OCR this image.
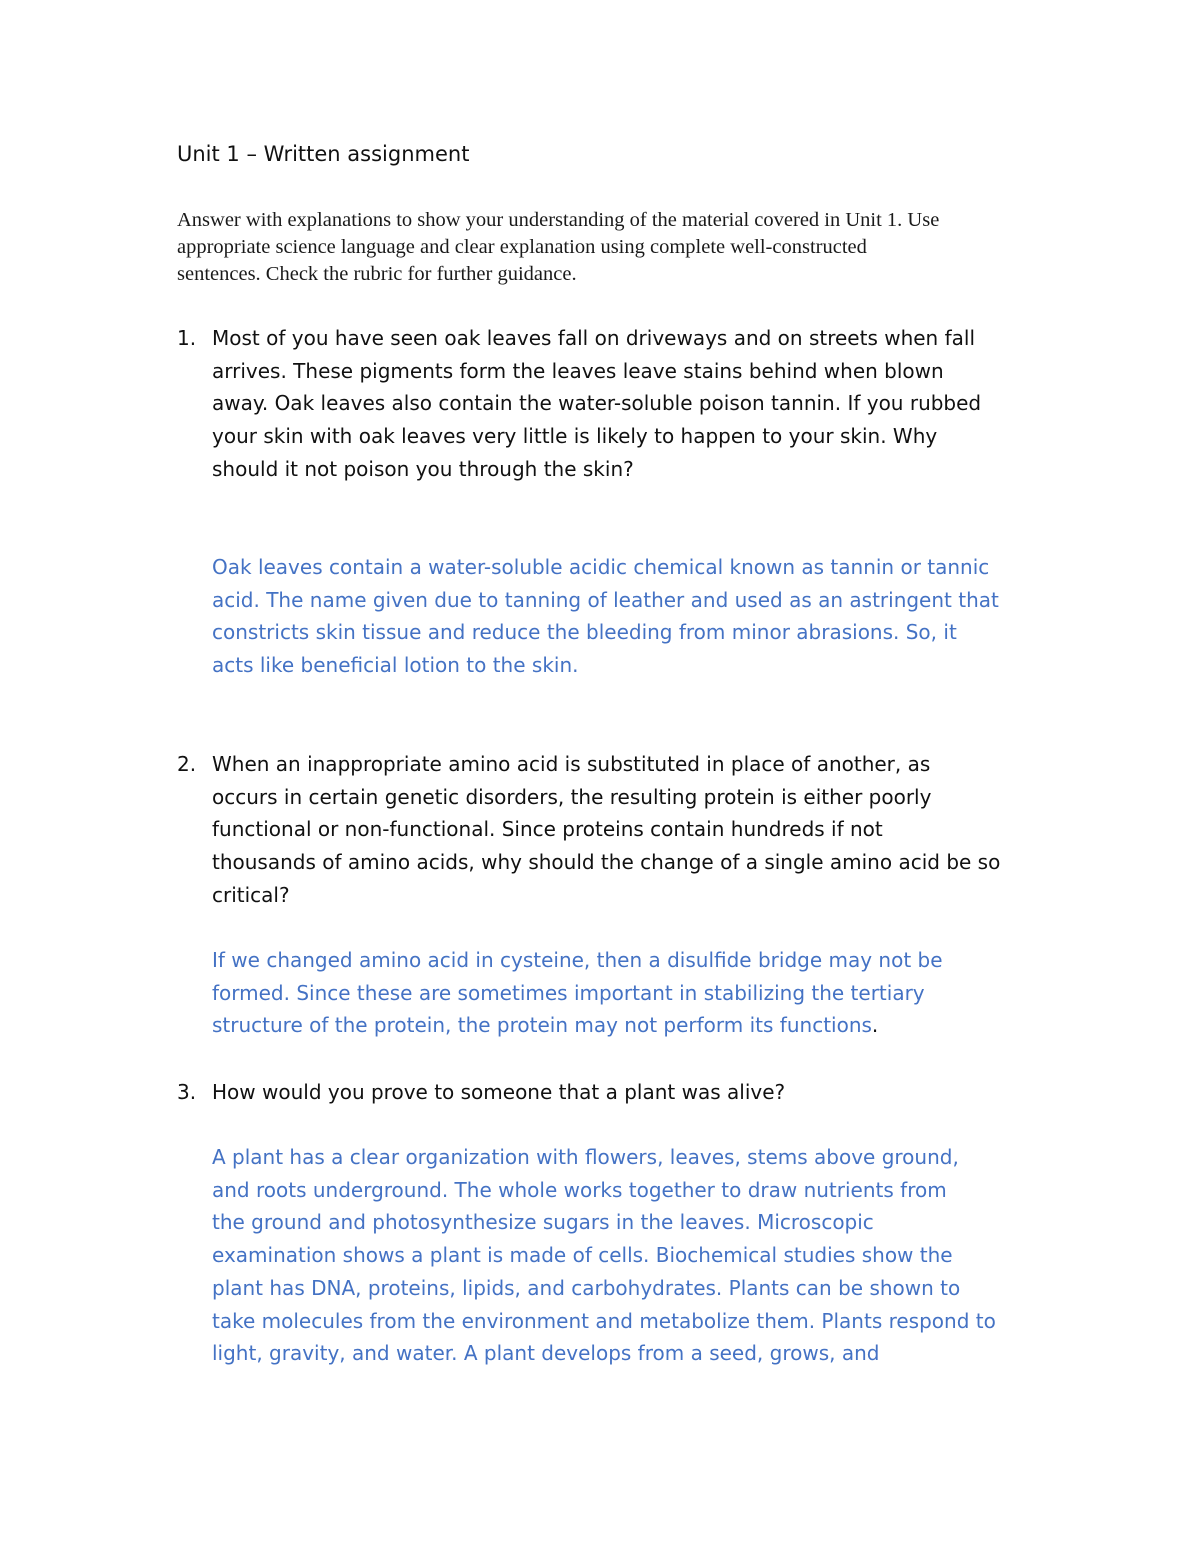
Unit 1 – Written assignment
Answer with explanations to show your understanding of the material covered in Unit 1. Use
appropriate science language and clear explanation using complete well-constructed
sentences. Check the rubric for further guidance.
1. Most of you have seen oak leaves fall on driveways and on streets when fall
arrives. These pigments form the leaves leave stains behind when blown
away. Oak leaves also contain the water-soluble poison tannin. If you rubbed
your skin with oak leaves very little is likely to happen to your skin. Why
should it not poison you through the skin?
Oak leaves contain a water-soluble acidic chemical known as tannin or tannic
acid. The name given due to tanning of leather and used as an astringent that
constricts skin tissue and reduce the bleeding from minor abrasions. So, it
acts like beneficial lotion to the skin.
2. When an inappropriate amino acid is substituted in place of another, as
occurs in certain genetic disorders, the resulting protein is either poorly
functional or non-functional. Since proteins contain hundreds if not
thousands of amino acids, why should the change of a single amino acid be so
critical?
If we changed amino acid in cysteine, then a disulfide bridge may not be
formed. Since these are sometimes important in stabilizing the tertiary
structure of the protein, the protein may not perform its functions.
3. How would you prove to someone that a plant was alive?
A plant has a clear organization with flowers, leaves, stems above ground,
and roots underground. The whole works together to draw nutrients from
the ground and photosynthesize sugars in the leaves. Microscopic
examination shows a plant is made of cells. Biochemical studies show the
plant has DNA, proteins, lipids, and carbohydrates. Plants can be shown to
take molecules from the environment and metabolize them. Plants respond to
light, gravity, and water. A plant develops from a seed, grows, and
